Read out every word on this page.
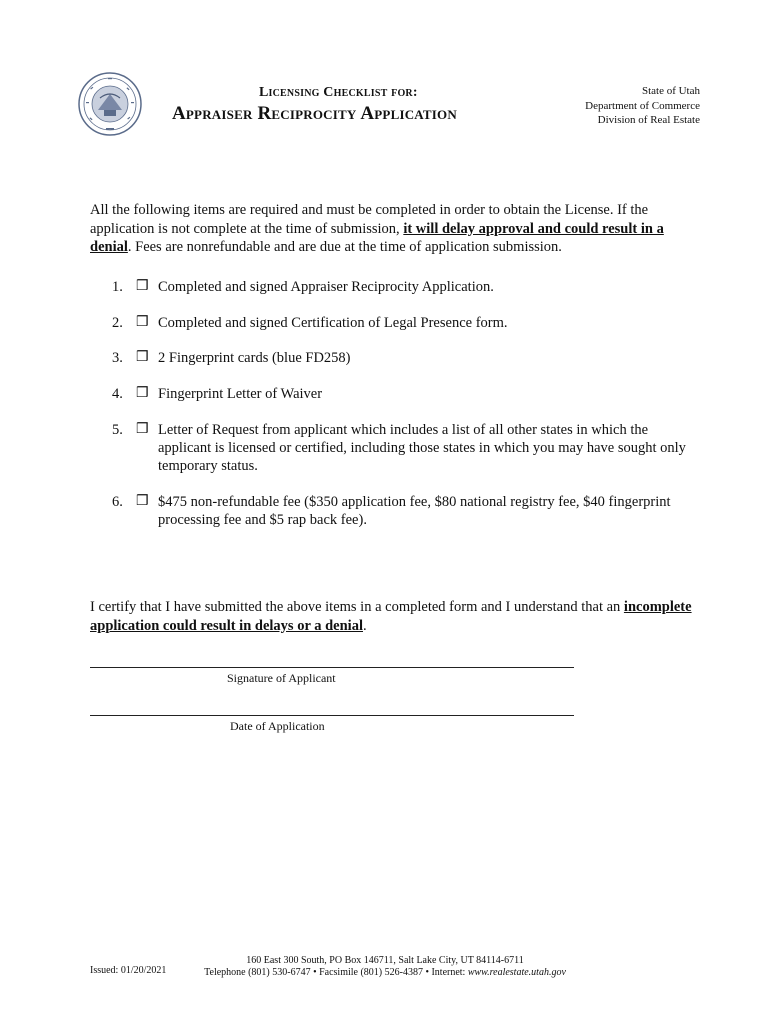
Licensing Checklist for:
Appraiser Reciprocity Application
State of Utah
Department of Commerce
Division of Real Estate
All the following items are required and must be completed in order to obtain the License. If the application is not complete at the time of submission, it will delay approval and could result in a denial. Fees are nonrefundable and are due at the time of application submission.
1. ❒ Completed and signed Appraiser Reciprocity Application.
2. ❒ Completed and signed Certification of Legal Presence form.
3. ❒ 2 Fingerprint cards (blue FD258)
4. ❒ Fingerprint Letter of Waiver
5. ❒ Letter of Request from applicant which includes a list of all other states in which the applicant is licensed or certified, including those states in which you may have sought only temporary status.
6. ❒ $475 non-refundable fee ($350 application fee, $80 national registry fee, $40 fingerprint processing fee and $5 rap back fee).
I certify that I have submitted the above items in a completed form and I understand that an incomplete application could result in delays or a denial.
Signature of Applicant
Date of Application
Issued: 01/20/2021
160 East 300 South, PO Box 146711, Salt Lake City, UT 84114-6711
Telephone (801) 530-6747 • Facsimile (801) 526-4387 • Internet: www.realestate.utah.gov
